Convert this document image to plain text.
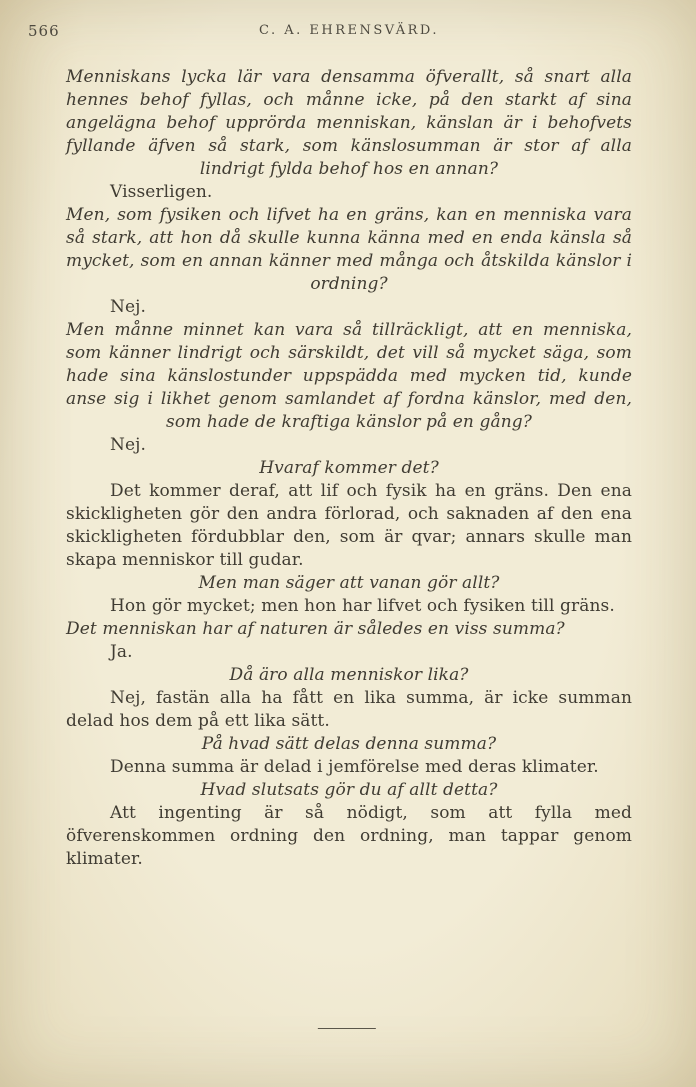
566	C. A. EHRENSVÄRD.

Menniskans lycka lär vara densamma öfverallt, så snart alla hennes behof fyllas, och månne icke, på den starkt af sina angelägna behof upprörda menniskan, känslan är i behofvets fyllande äfven så stark, som känslosumman är stor af alla lindrigt fylda behof hos en annan?

Visserligen.

Men, som fysiken och lifvet ha en gräns, kan en menniska vara så stark, att hon då skulle kunna känna med en enda känsla så mycket, som en annan känner med många och åtskilda känslor i ordning?

Nej.

Men månne minnet kan vara så tillräckligt, att en menniska, som känner lindrigt och särskildt, det vill så mycket säga, som hade sina känslostunder uppspädda med mycken tid, kunde anse sig i likhet genom samlandet af fordna känslor, med den, som hade de kraftiga känslor på en gång?

Nej.

Hvaraf kommer det?

Det kommer deraf, att lif och fysik ha en gräns. Den ena skickligheten gör den andra förlorad, och saknaden af den ena skickligheten fördubblar den, som är qvar; annars skulle man skapa menniskor till gudar.

Men man säger att vanan gör allt?

Hon gör mycket; men hon har lifvet och fysiken till gräns.

Det menniskan har af naturen är således en viss summa?

Ja.

Då äro alla menniskor lika?

Nej, fastän alla ha fått en lika summa, är icke summan delad hos dem på ett lika sätt.

På hvad sätt delas denna summa?

Denna summa är delad i jemförelse med deras klimater.

Hvad slutsats gör du af allt detta?

Att ingenting är så nödigt, som att fylla med öfverenskommen ordning den ordning, man tappar genom klimater.
